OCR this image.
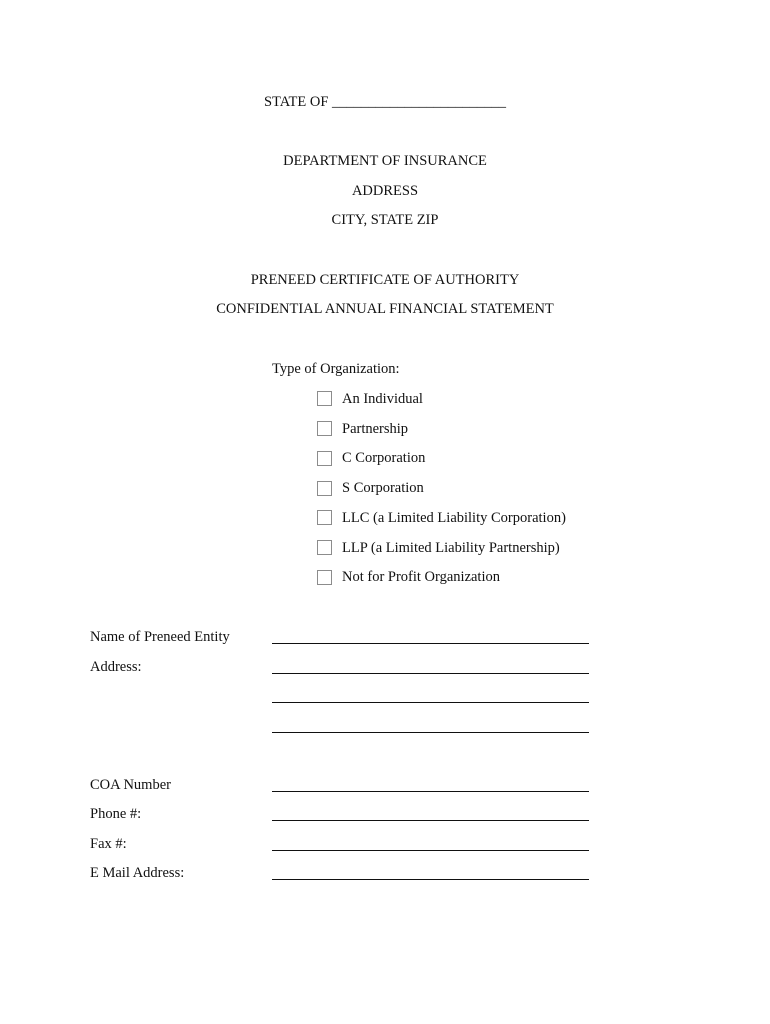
STATE OF ________________________
DEPARTMENT OF INSURANCE
ADDRESS
CITY, STATE ZIP
PRENEED CERTIFICATE OF AUTHORITY
CONFIDENTIAL ANNUAL FINANCIAL STATEMENT
Type of Organization:
An Individual
Partnership
C Corporation
S Corporation
LLC (a Limited Liability Corporation)
LLP (a Limited Liability Partnership)
Not for Profit Organization
Name of Preneed Entity
Address:
COA Number
Phone #:
Fax #:
E Mail Address:
